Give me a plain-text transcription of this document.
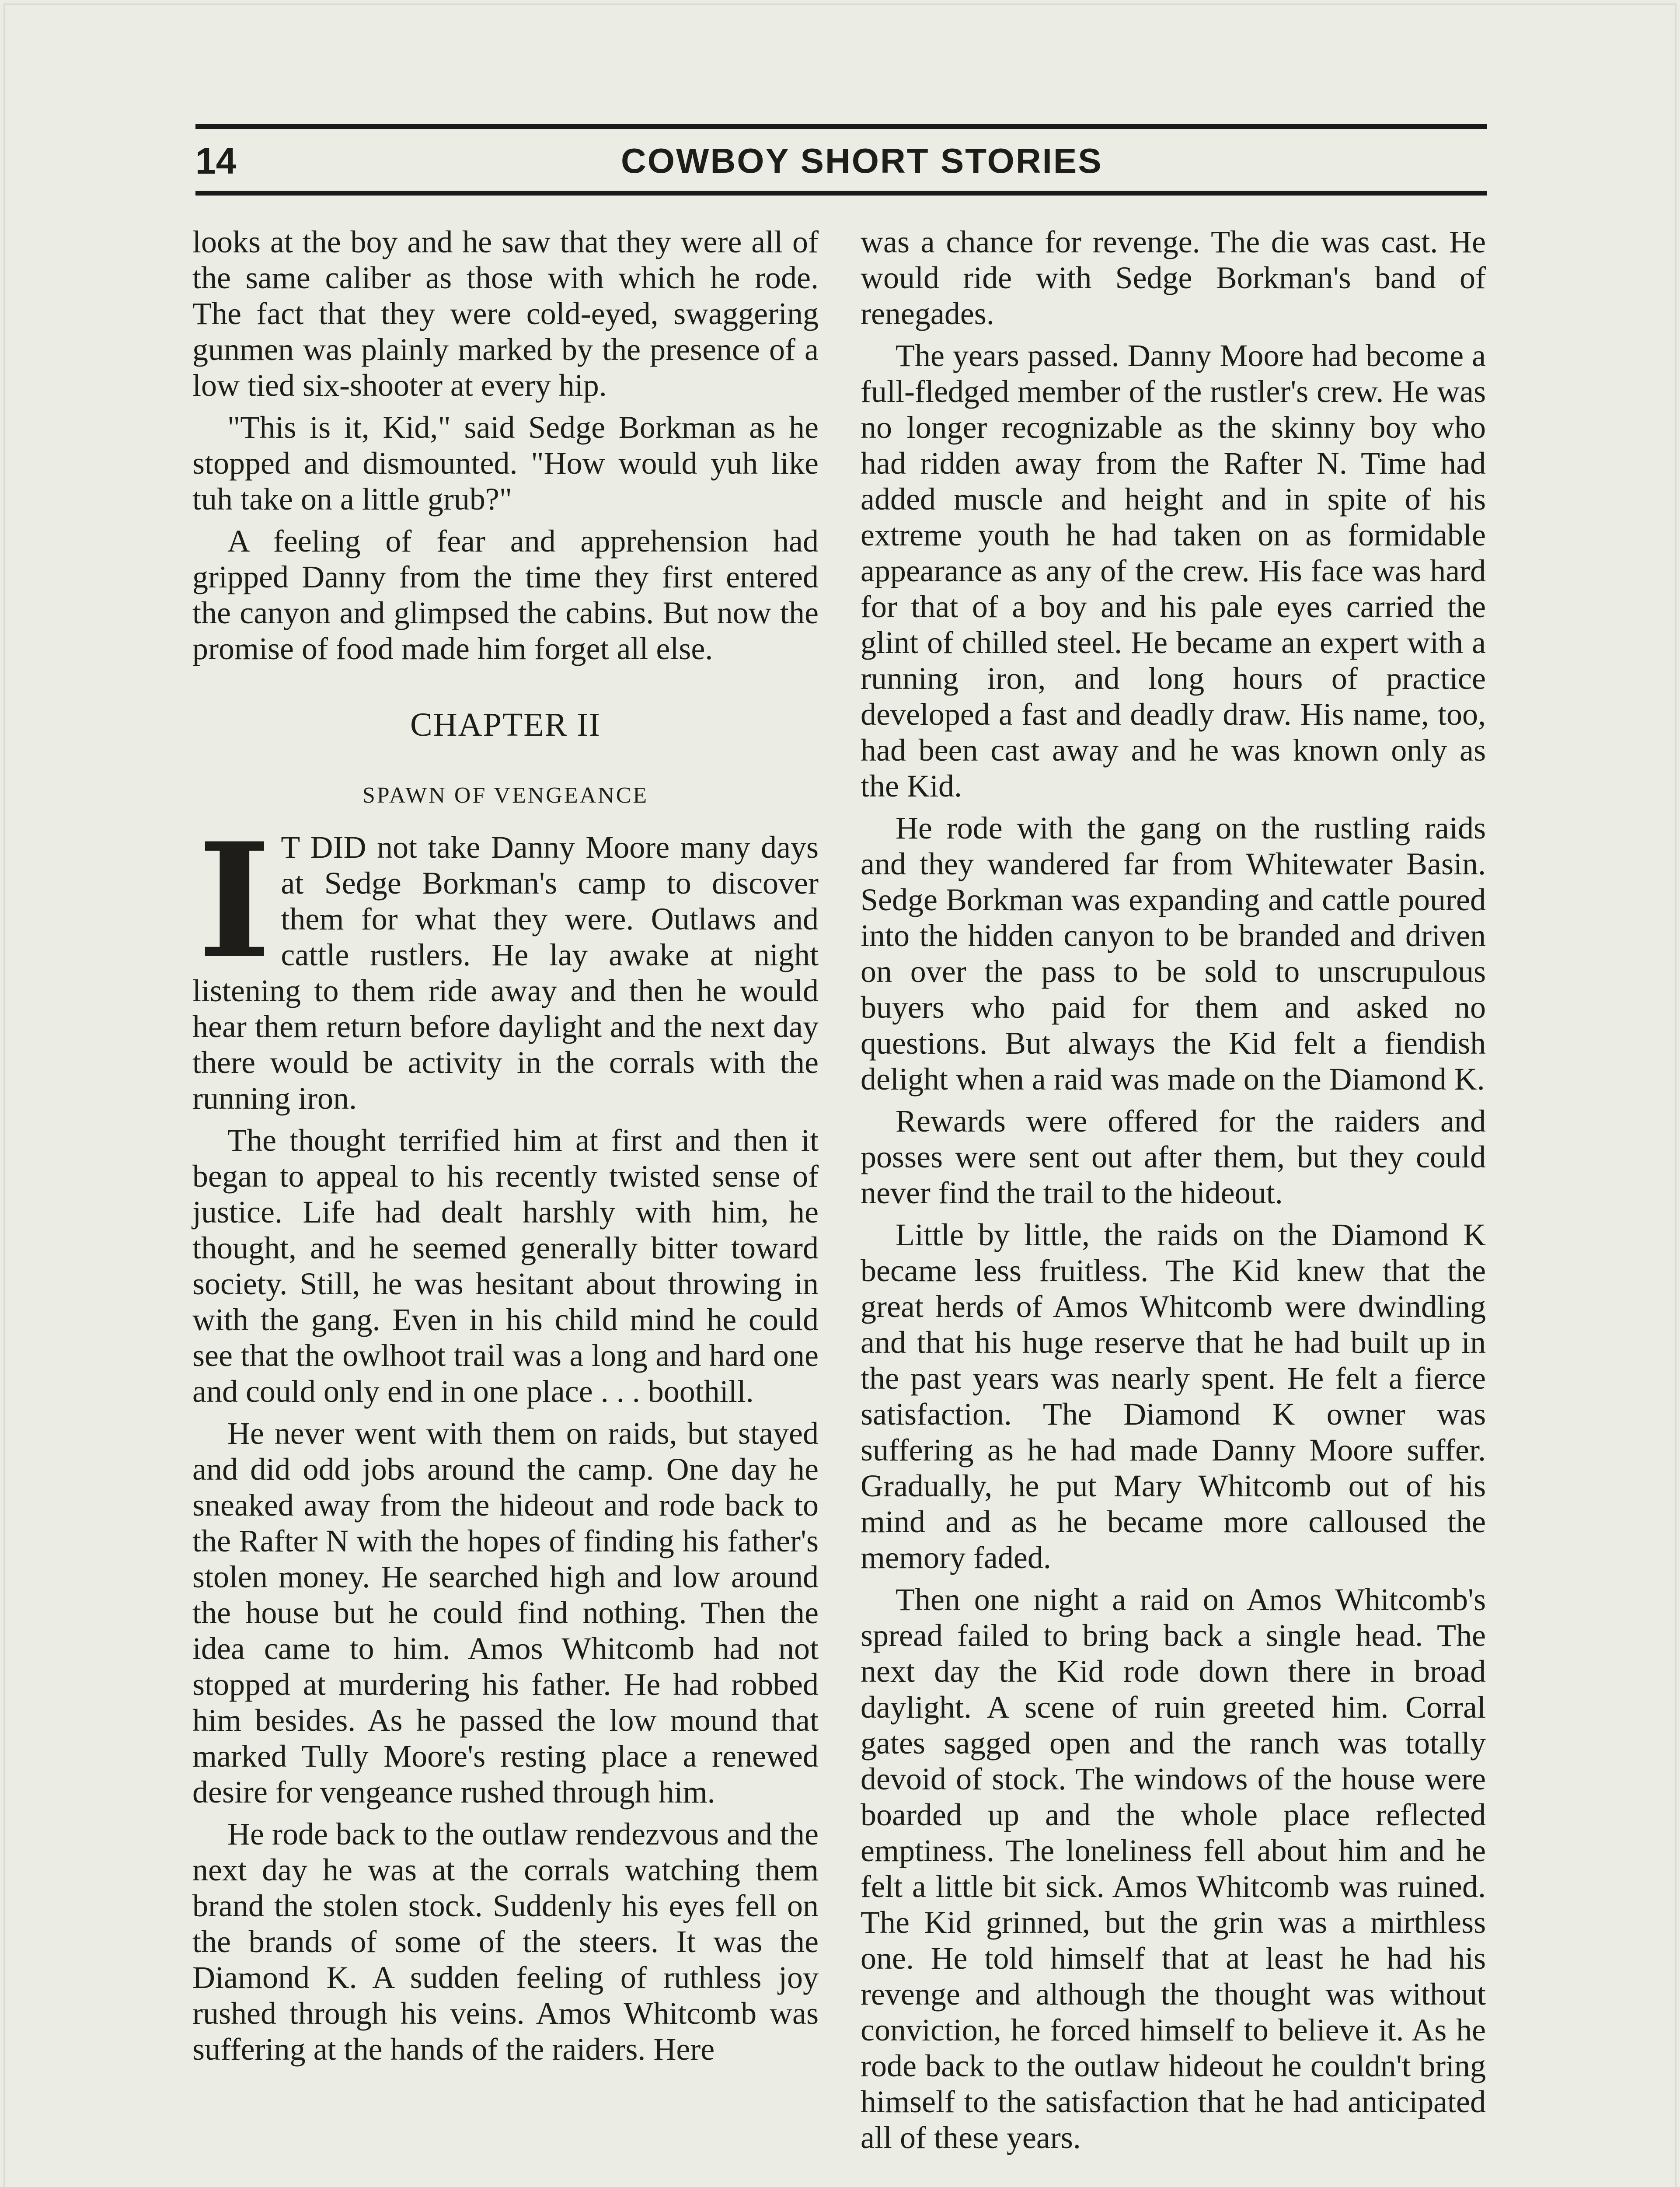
14	COWBOY SHORT STORIES

looks at the boy and he saw that they were all of the same caliber as those with which he rode. The fact that they were cold-eyed, swaggering gunmen was plainly marked by the presence of a low tied six-shooter at every hip.

"This is it, Kid," said Sedge Borkman as he stopped and dismounted. "How would yuh like tuh take on a little grub?"

A feeling of fear and apprehension had gripped Danny from the time they first entered the canyon and glimpsed the cabins. But now the promise of food made him forget all else.

CHAPTER II
SPAWN OF VENGEANCE

I T DID not take Danny Moore many days at Sedge Borkman's camp to discover them for what they were. Outlaws and cattle rustlers. He lay awake at night listening to them ride away and then he would hear them return before daylight and the next day there would be activity in the corrals with the running iron.

The thought terrified him at first and then it began to appeal to his recently twisted sense of justice. Life had dealt harshly with him, he thought, and he seemed generally bitter toward society. Still, he was hesitant about throwing in with the gang. Even in his child mind he could see that the owlhoot trail was a long and hard one and could only end in one place . . . boothill.

He never went with them on raids, but stayed and did odd jobs around the camp. One day he sneaked away from the hideout and rode back to the Rafter N with the hopes of finding his father's stolen money. He searched high and low around the house but he could find nothing. Then the idea came to him. Amos Whitcomb had not stopped at murdering his father. He had robbed him besides. As he passed the low mound that marked Tully Moore's resting place a renewed desire for vengeance rushed through him.

He rode back to the outlaw rendezvous and the next day he was at the corrals watching them brand the stolen stock. Suddenly his eyes fell on the brands of some of the steers. It was the Diamond K. A sudden feeling of ruthless joy rushed through his veins. Amos Whitcomb was suffering at the hands of the raiders. Here

was a chance for revenge. The die was cast. He would ride with Sedge Borkman's band of renegades.

The years passed. Danny Moore had become a full-fledged member of the rustler's crew. He was no longer recognizable as the skinny boy who had ridden away from the Rafter N. Time had added muscle and height and in spite of his extreme youth he had taken on as formidable appearance as any of the crew. His face was hard for that of a boy and his pale eyes carried the glint of chilled steel. He became an expert with a running iron, and long hours of practice developed a fast and deadly draw. His name, too, had been cast away and he was known only as the Kid.

He rode with the gang on the rustling raids and they wandered far from Whitewater Basin. Sedge Borkman was expanding and cattle poured into the hidden canyon to be branded and driven on over the pass to be sold to unscrupulous buyers who paid for them and asked no questions. But always the Kid felt a fiendish delight when a raid was made on the Diamond K.

Rewards were offered for the raiders and posses were sent out after them, but they could never find the trail to the hideout.

Little by little, the raids on the Diamond K became less fruitless. The Kid knew that the great herds of Amos Whitcomb were dwindling and that his huge reserve that he had built up in the past years was nearly spent. He felt a fierce satisfaction. The Diamond K owner was suffering as he had made Danny Moore suffer. Gradually, he put Mary Whitcomb out of his mind and as he became more calloused the memory faded.

Then one night a raid on Amos Whitcomb's spread failed to bring back a single head. The next day the Kid rode down there in broad daylight. A scene of ruin greeted him. Corral gates sagged open and the ranch was totally devoid of stock. The windows of the house were boarded up and the whole place reflected emptiness. The loneliness fell about him and he felt a little bit sick. Amos Whitcomb was ruined. The Kid grinned, but the grin was a mirthless one. He told himself that at least he had his revenge and although the thought was without conviction, he forced himself to believe it. As he rode back to the outlaw hideout he couldn't bring himself to the satisfaction that he had anticipated all of these years.
